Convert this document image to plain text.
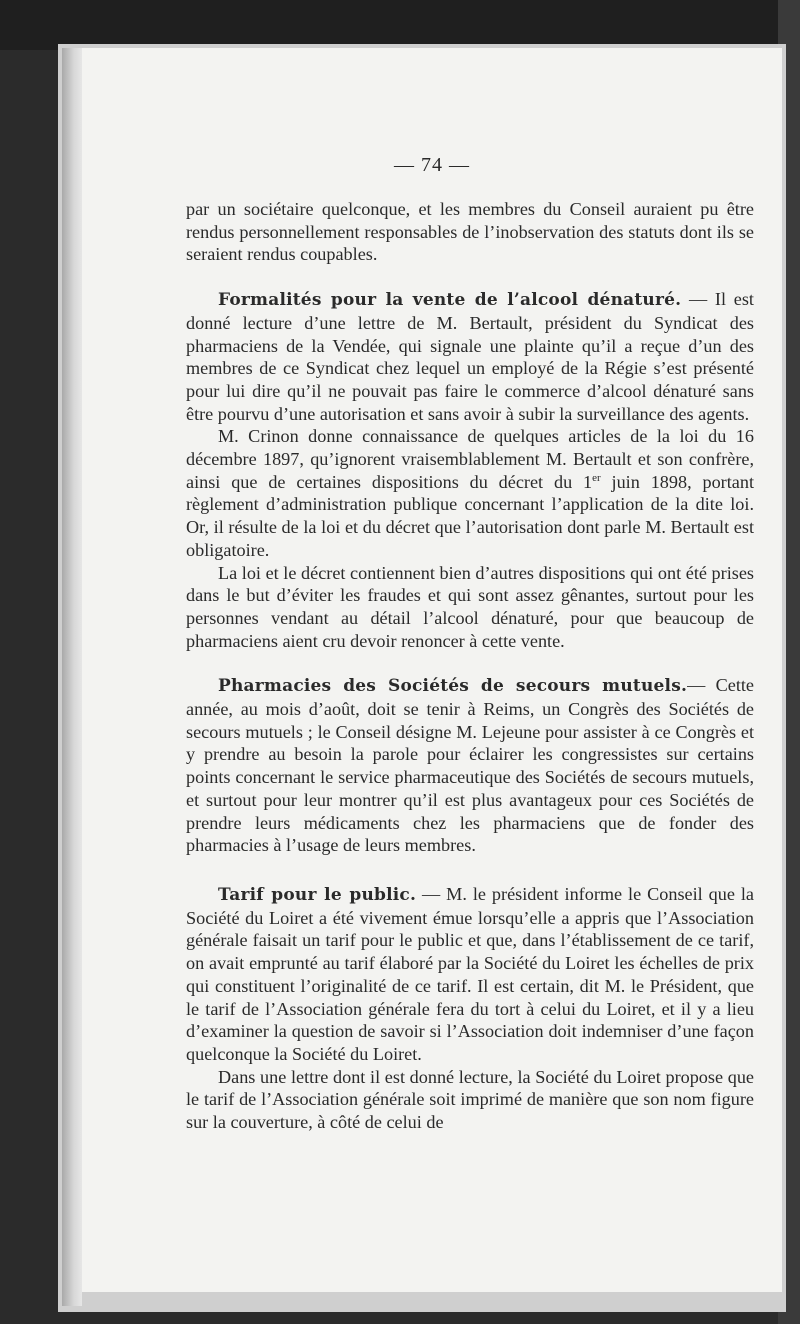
— 74 —

par un sociétaire quelconque, et les membres du Conseil auraient pu être rendus personnellement responsables de l’inobservation des statuts dont ils se seraient rendus coupables.

Formalités pour la vente de l’alcool dénaturé. — Il est donné lecture d’une lettre de M. Bertault, président du Syndicat des pharmaciens de la Vendée, qui signale une plainte qu’il a reçue d’un des membres de ce Syndicat chez lequel un employé de la Régie s’est présenté pour lui dire qu’il ne pouvait pas faire le commerce d’alcool dénaturé sans être pourvu d’une autorisation et sans avoir à subir la surveillance des agents.

M. Crinon donne connaissance de quelques articles de la loi du 16 décembre 1897, qu’ignorent vraisemblablement M. Bertault et son confrère, ainsi que de certaines dispositions du décret du 1er juin 1898, portant règlement d’administration publique concernant l’application de la dite loi. Or, il résulte de la loi et du décret que l’autorisation dont parle M. Bertault est obligatoire.

La loi et le décret contiennent bien d’autres dispositions qui ont été prises dans le but d’éviter les fraudes et qui sont assez gênantes, surtout pour les personnes vendant au détail l’alcool dénaturé, pour que beaucoup de pharmaciens aient cru devoir renoncer à cette vente.

Pharmacies des Sociétés de secours mutuels.— Cette année, au mois d’août, doit se tenir à Reims, un Congrès des Sociétés de secours mutuels ; le Conseil désigne M. Lejeune pour assister à ce Congrès et y prendre au besoin la parole pour éclairer les congressistes sur certains points concernant le service pharmaceutique des Sociétés de secours mutuels, et surtout pour leur montrer qu’il est plus avantageux pour ces Sociétés de prendre leurs médicaments chez les pharmaciens que de fonder des pharmacies à l’usage de leurs membres.

Tarif pour le public. — M. le président informe le Conseil que la Société du Loiret a été vivement émue lorsqu’elle a appris que l’Association générale faisait un tarif pour le public et que, dans l’établissement de ce tarif, on avait emprunté au tarif élaboré par la Société du Loiret les échelles de prix qui constituent l’originalité de ce tarif. Il est certain, dit M. le Président, que le tarif de l’Association générale fera du tort à celui du Loiret, et il y a lieu d’examiner la question de savoir si l’Association doit indemniser d’une façon quelconque la Société du Loiret.

Dans une lettre dont il est donné lecture, la Société du Loiret propose que le tarif de l’Association générale soit imprimé de manière que son nom figure sur la couverture, à côté de celui de
